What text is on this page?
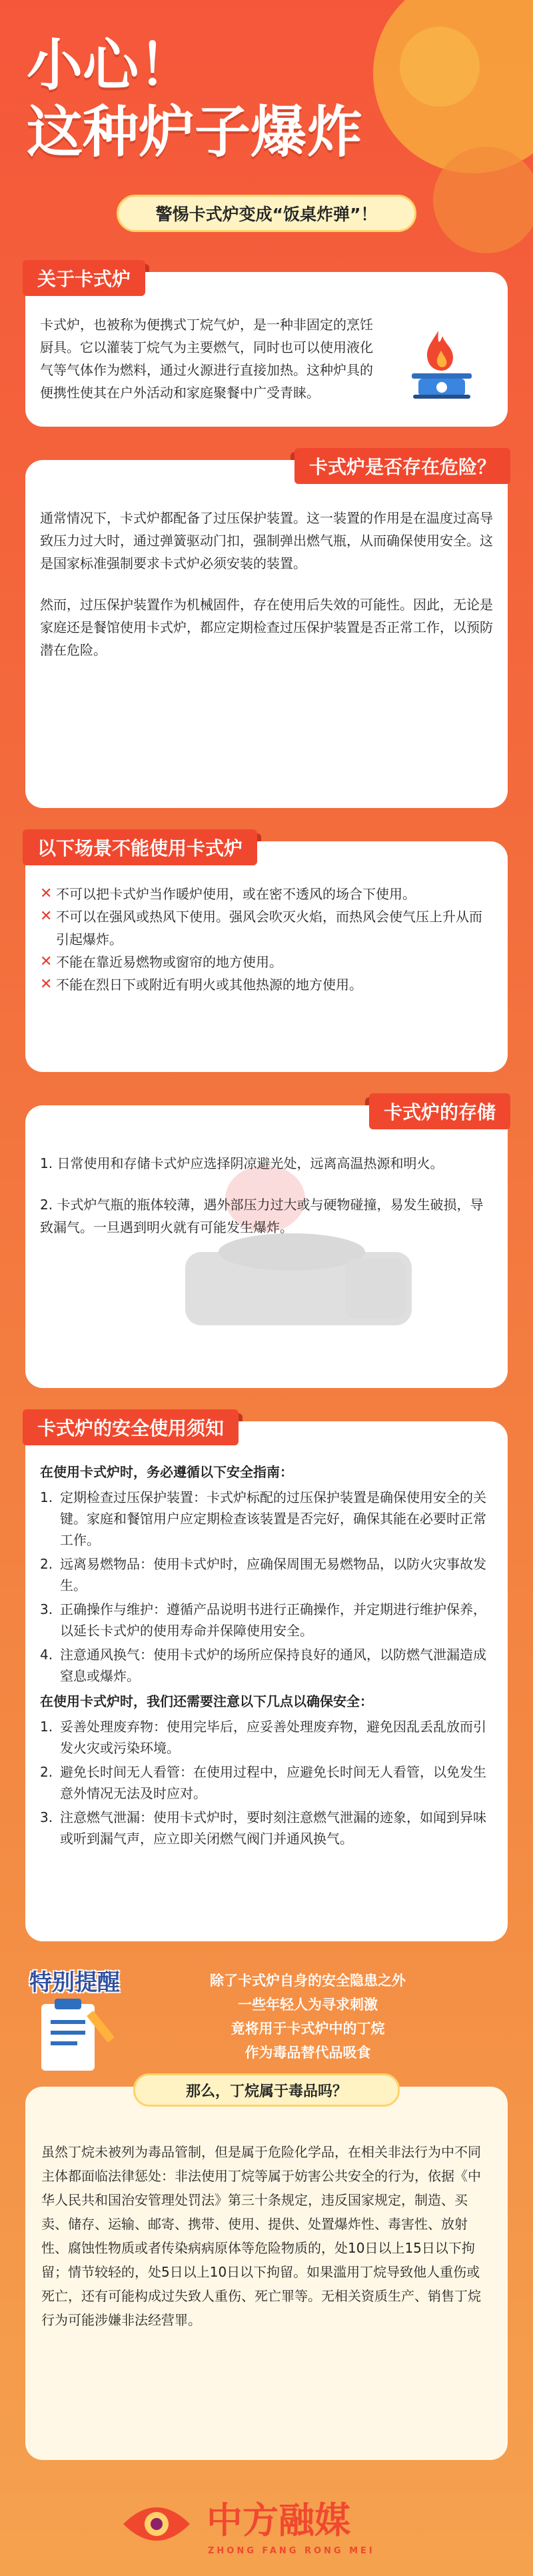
小心！
这种炉子爆炸
警惕卡式炉变成“饭桌炸弹”！
关于卡式炉
卡式炉，也被称为便携式丁烷气炉，是一种非固定的烹饪厨具。它以灌装丁烷气为主要燃气，同时也可以使用液化气等气体作为燃料，通过火源进行直接加热。这种炉具的便携性使其在户外活动和家庭聚餐中广受青睐。
卡式炉是否存在危险？

通常情况下，卡式炉都配备了过压保护装置。这一装置的作用是在温度过高导致压力过大时，通过弹簧驱动门扣，强制弹出燃气瓶，从而确保使用安全。这是国家标准强制要求卡式炉必须安装的装置。

然而，过压保护装置作为机械固件，存在使用后失效的可能性。因此，无论是家庭还是餐馆使用卡式炉，都应定期检查过压保护装置是否正常工作，以预防潜在危险。

以下场景不能使用卡式炉
✕ 不可以把卡式炉当作暖炉使用，或在密不透风的场合下使用。
✕ 不可以在强风或热风下使用。强风会吹灭火焰，而热风会使气压上升从而引起爆炸。
✕ 不能在靠近易燃物或窗帘的地方使用。
✕ 不能在烈日下或附近有明火或其他热源的地方使用。
卡式炉的存储

1. 日常使用和存储卡式炉应选择阴凉避光处，远离高温热源和明火。

2. 卡式炉气瓶的瓶体较薄，遇外部压力过大或与硬物碰撞，易发生破损，导致漏气。一旦遇到明火就有可能发生爆炸。

卡式炉的安全使用须知
在使用卡式炉时，务必遵循以下安全指南：
1. 定期检查过压保护装置：卡式炉标配的过压保护装置是确保使用安全的关键。家庭和餐馆用户应定期检查该装置是否完好，确保其能在必要时正常工作。
2. 远离易燃物品：使用卡式炉时，应确保周围无易燃物品，以防火灾事故发生。
3. 正确操作与维护：遵循产品说明书进行正确操作，并定期进行维护保养，以延长卡式炉的使用寿命并保障使用安全。
4. 注意通风换气：使用卡式炉的场所应保持良好的通风，以防燃气泄漏造成窒息或爆炸。
在使用卡式炉时，我们还需要注意以下几点以确保安全：
1. 妥善处理废弃物：使用完毕后，应妥善处理废弃物，避免因乱丢乱放而引发火灾或污染环境。
2. 避免长时间无人看管：在使用过程中，应避免长时间无人看管，以免发生意外情况无法及时应对。
3. 注意燃气泄漏：使用卡式炉时，要时刻注意燃气泄漏的迹象，如闻到异味或听到漏气声，应立即关闭燃气阀门并通风换气。
特别提醒	除了卡式炉自身的安全隐患之外
一些年轻人为寻求刺激
竟将用于卡式炉中的丁烷
作为毒品替代品吸食
虽然丁烷未被列为毒品管制，但是属于危险化学品，在相关非法行为中不同主体都面临法律惩处：非法使用丁烷等属于妨害公共安全的行为，依据《中华人民共和国治安管理处罚法》第三十条规定，违反国家规定，制造、买卖、储存、运输、邮寄、携带、使用、提供、处置爆炸性、毒害性、放射性、腐蚀性物质或者传染病病原体等危险物质的，处10日以上15日以下拘留；情节较轻的，处5日以上10日以下拘留。如果滥用丁烷导致他人重伤或死亡，还有可能构成过失致人重伤、死亡罪等。无相关资质生产、销售丁烷行为可能涉嫌非法经营罪。
那么，丁烷属于毒品吗？
中方融媒
ZHONG FANG RONG MEI
